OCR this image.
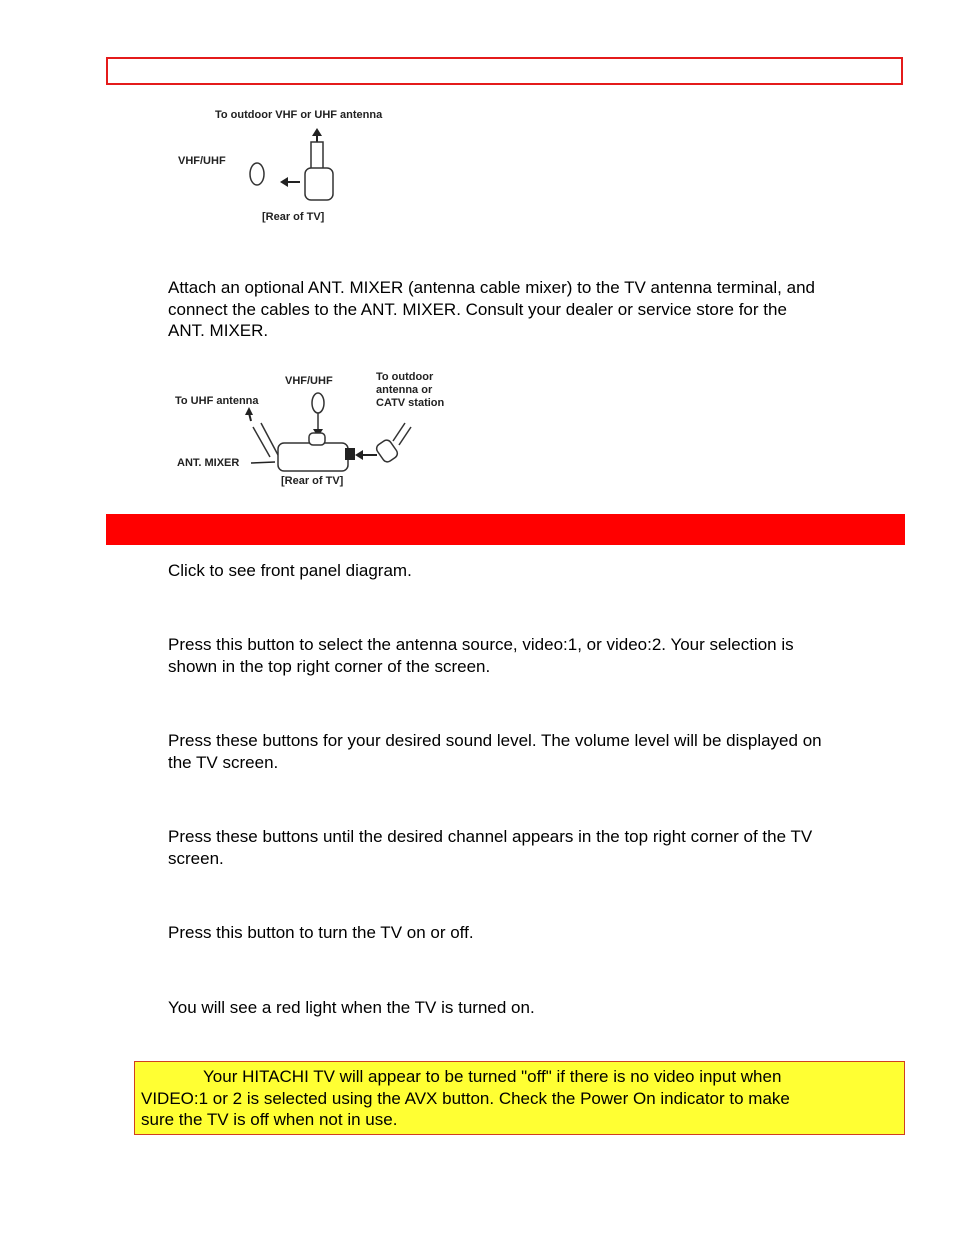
To outdoor VHF or UHF antenna
VHF/UHF
[Rear of TV]
Attach an optional ANT. MIXER (antenna cable mixer) to the TV antenna terminal, and
connect the cables to the ANT. MIXER. Consult your dealer or service store for the
ANT. MIXER.
VHF/UHF	To outdoor
antenna or
CATV station
To UHF antenna
ANT. MIXER
[Rear of TV]
Click to see front panel diagram.
Press this button to select the antenna source, video:1, or video:2. Your selection is
shown in the top right corner of the screen.
Press these buttons for your desired sound level. The volume level will be displayed on
the TV screen.
Press these buttons until the desired channel appears in the top right corner of the TV
screen.
Press this button to turn the TV on or off.
You will see a red light when the TV is turned on.
Your HITACHI TV will appear to be turned "off" if there is no video input when
VIDEO:1 or 2 is selected using the AVX button. Check the Power On indicator to make
sure the TV is off when not in use.
